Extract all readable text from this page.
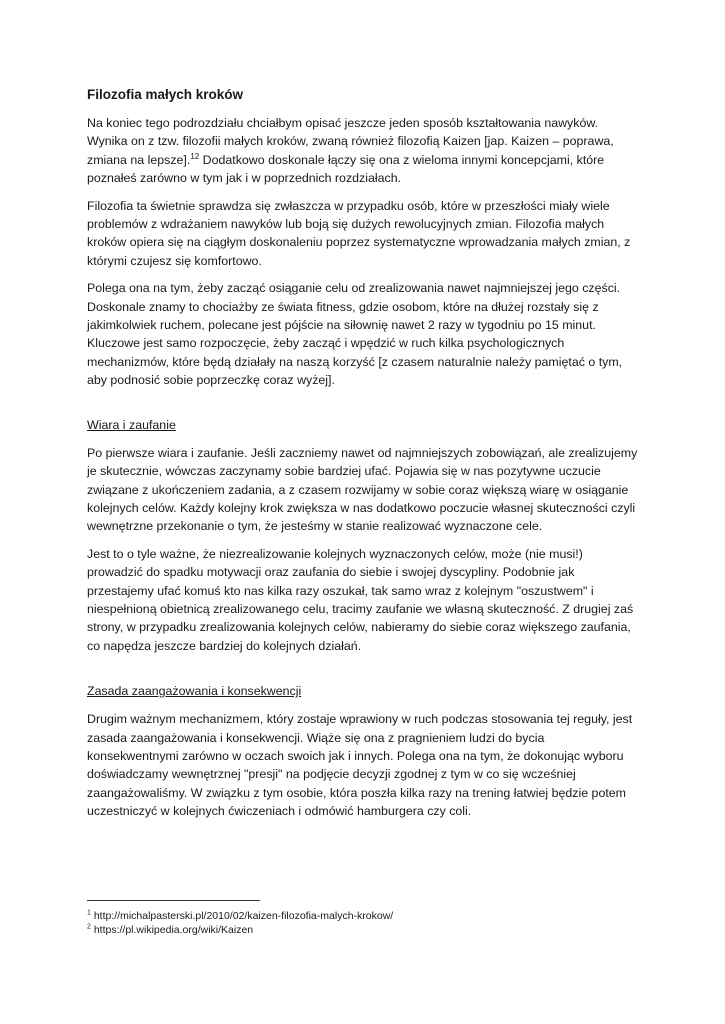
Filozofia małych kroków

Na koniec tego podrozdziału chciałbym opisać jeszcze jeden sposób kształtowania nawyków. Wynika on z tzw. filozofii małych kroków, zwaną również filozofią Kaizen [jap. Kaizen – poprawa, zmiana na lepsze].$^{12}$ Dodatkowo doskonale łączy się ona z wieloma innymi koncepcjami, które poznałeś zarówno w tym jak i w poprzednich rozdziałach.

Filozofia ta świetnie sprawdza się zwłaszcza w przypadku osób, które w przeszłości miały wiele problemów z wdrażaniem nawyków lub boją się dużych rewolucyjnych zmian. Filozofia małych kroków opiera się na ciągłym doskonaleniu poprzez systematyczne wprowadzania małych zmian, z którymi czujesz się komfortowo.

Polega ona na tym, żeby zacząć osiąganie celu od zrealizowania nawet najmniejszej jego części. Doskonale znamy to chociażby ze świata fitness, gdzie osobom, które na dłużej rozstały się z jakimkolwiek ruchem, polecane jest pójście na siłownię nawet 2 razy w tygodniu po 15 minut. Kluczowe jest samo rozpoczęcie, żeby zacząć i wpędzić w ruch kilka psychologicznych mechanizmów, które będą działały na naszą korzyść [z czasem naturalnie należy pamiętać o tym, aby podnosić sobie poprzeczkę coraz wyżej].

Wiara i zaufanie

Po pierwsze wiara i zaufanie. Jeśli zaczniemy nawet od najmniejszych zobowiązań, ale zrealizujemy je skutecznie, wówczas zaczynamy sobie bardziej ufać. Pojawia się w nas pozytywne uczucie związane z ukończeniem zadania, a z czasem rozwijamy w sobie coraz większą wiarę w osiąganie kolejnych celów. Każdy kolejny krok zwiększa w nas dodatkowo poczucie własnej skuteczności czyli wewnętrzne przekonanie o tym, że jesteśmy w stanie realizować wyznaczone cele.

Jest to o tyle ważne, że niezrealizowanie kolejnych wyznaczonych celów, może (nie musi!) prowadzić do spadku motywacji oraz zaufania do siebie i swojej dyscypliny. Podobnie jak przestajemy ufać komuś kto nas kilka razy oszukał, tak samo wraz z kolejnym "oszustwem" i niespełnioną obietnicą zrealizowanego celu, tracimy zaufanie we własną skuteczność. Z drugiej zaś strony, w przypadku zrealizowania kolejnych celów, nabieramy do siebie coraz większego zaufania, co napędza jeszcze bardziej do kolejnych działań.

Zasada zaangażowania i konsekwencji

Drugim ważnym mechanizmem, który zostaje wprawiony w ruch podczas stosowania tej reguły, jest zasada zaangażowania i konsekwencji. Wiąże się ona z pragnieniem ludzi do bycia konsekwentnymi zarówno w oczach swoich jak i innych. Polega ona na tym, że dokonując wyboru doświadczamy wewnętrznej "presji" na podjęcie decyzji zgodnej z tym w co się wcześniej zaangażowaliśmy. W związku z tym osobie, która poszła kilka razy na trening łatwiej będzie potem uczestniczyć w kolejnych ćwiczeniach i odmówić hamburgera czy coli.

$^1$ http://michalpasterski.pl/2010/02/kaizen-filozofia-malych-krokow/

$^2$ https://pl.wikipedia.org/wiki/Kaizen
